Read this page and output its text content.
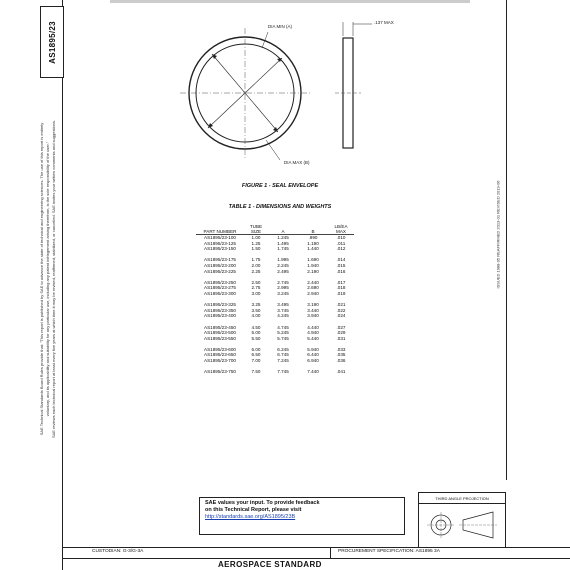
AS1895/23
SAE Technical Standards Board Rules provide that: "This report is published by SAE to advance the state of technical and engineering sciences. The use of this report is entirely voluntary, and its applicability and suitability for any particular use, including any patent infringement arising therefrom, is the sole responsibility of the user." SAE reviews each technical report at least every five years at which time it may be revised, reaffirmed, stabilized, or cancelled. SAE invites your written comments and suggestions.	ISSUED 1988-05 REAFFIRMED 2013-01 REVISED 2019-06
DIA MIN (A)
DIA MAX (B)
.137 MAX
FIGURE 1 - SEAL ENVELOPE
TABLE 1 - DIMENSIONS AND WEIGHTS
PART NUMBER	TUBE SIZE	A	B	LB/EA MAX
AS1895/23-100	1.00	1.245	.990	.010
AS1895/23-125	1.25	1.495	1.190	.011
AS1895/23-150	1.50	1.745	1.440	.012

AS1895/23-175	1.75	1.995	1.690	.014
AS1895/23-200	2.00	2.245	1.940	.015
AS1895/23-225	2.25	2.495	2.190	.016

AS1895/23-250	2.50	2.745	2.440	.017
AS1895/23-275	2.75	2.995	2.690	.018
AS1895/23-300	3.00	3.245	2.940	.019

AS1895/23-325	3.25	3.495	3.190	.021
AS1895/23-350	3.50	3.745	3.440	.022
AS1895/23-400	4.00	4.245	3.940	.024

AS1895/23-450	4.50	4.745	4.440	.027
AS1895/23-500	5.00	5.245	4.940	.029
AS1895/23-550	5.50	5.745	5.440	.031

AS1895/23-600	6.00	6.245	5.940	.033
AS1895/23-650	6.50	6.745	6.440	.035
AS1895/23-700	7.00	7.245	6.940	.036

AS1895/23-750	7.50	7.745	7.440	.041
SAE values your input. To provide feedback
on this Technical Report, please visit
http://standards.sae.org/AS1895/23B
THIRD ANGLE PROJECTION
CUSTODIAN: G-3/G-3A	PROCUREMENT SPECIFICATION: AS1895 3A
AEROSPACE STANDARD
